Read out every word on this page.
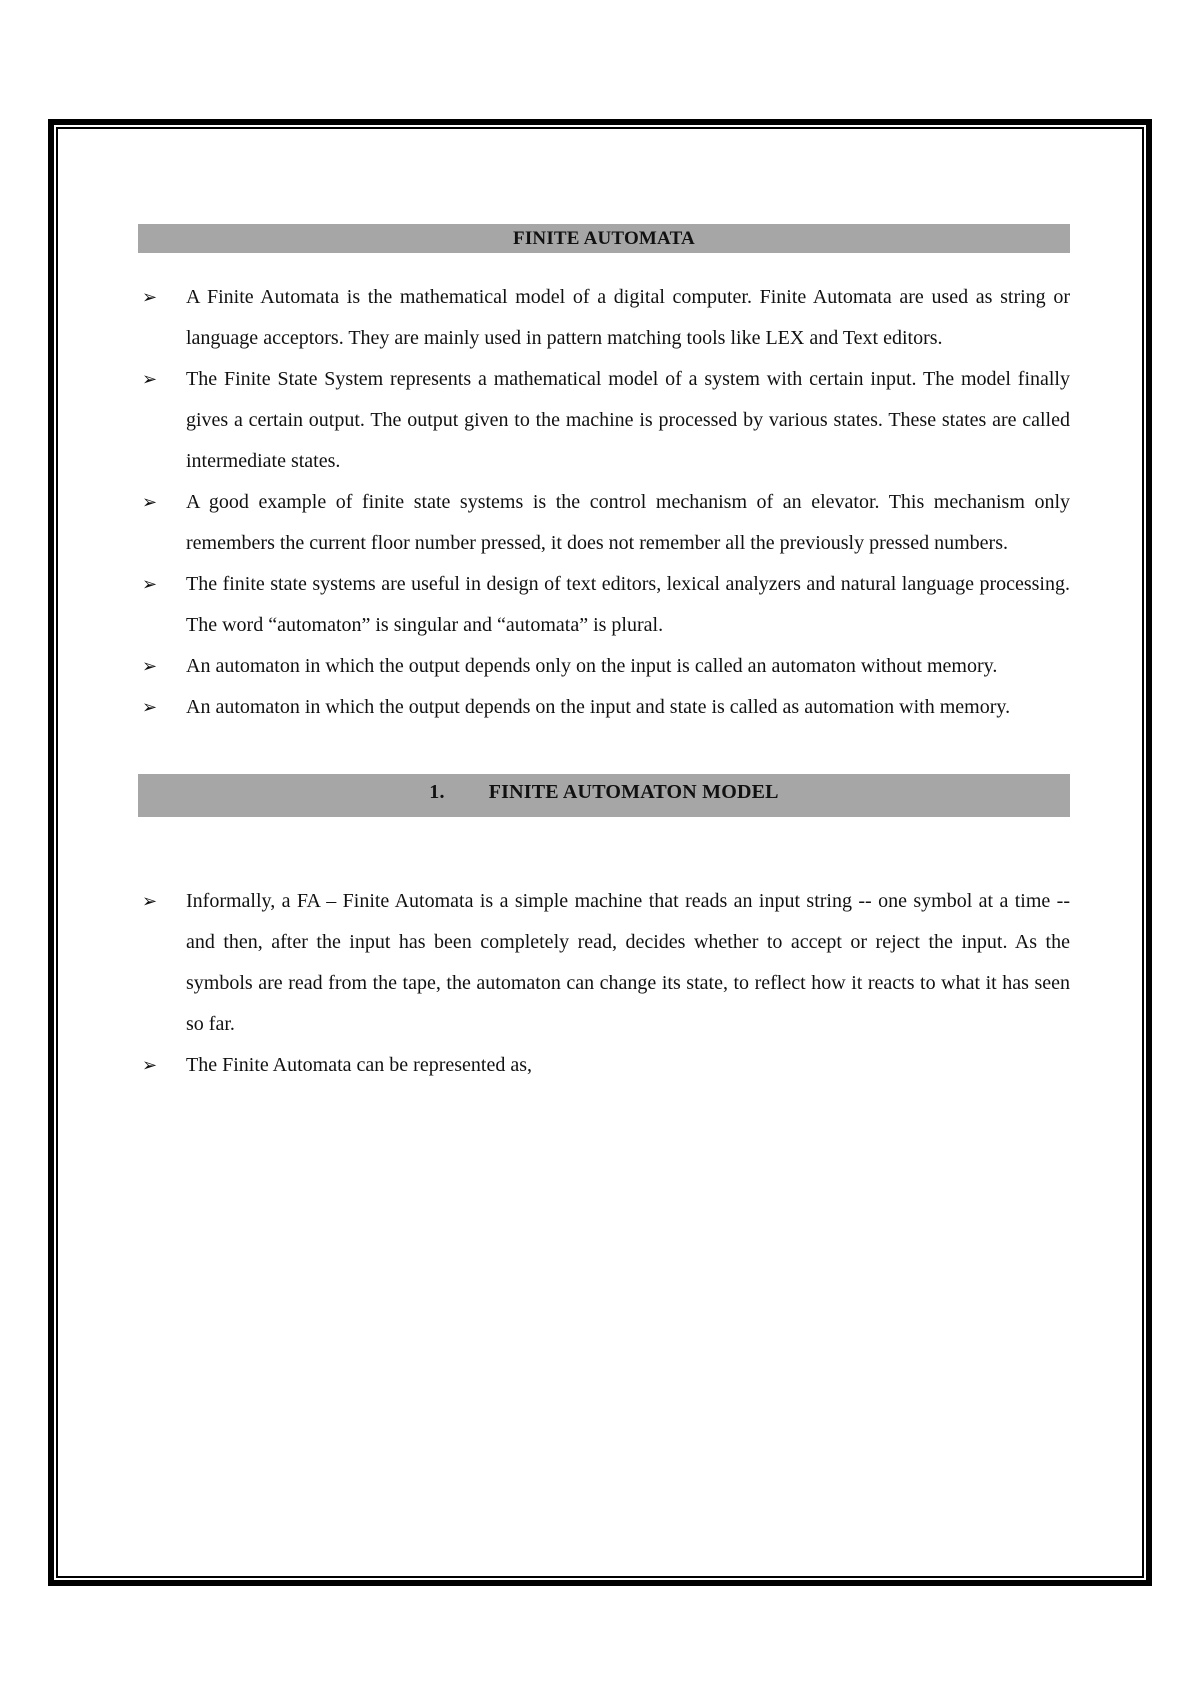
FINITE AUTOMATA
➢ A Finite Automata is the mathematical model of a digital computer. Finite Automata are used as string or language acceptors. They are mainly used in pattern matching tools like LEX and Text editors.
➢ The Finite State System represents a mathematical model of a system with certain input. The model finally gives a certain output. The output given to the machine is processed by various states. These states are called intermediate states.
➢ A good example of finite state systems is the control mechanism of an elevator. This mechanism only remembers the current floor number pressed, it does not remember all the previously pressed numbers.
➢ The finite state systems are useful in design of text editors, lexical analyzers and natural language processing. The word “automaton” is singular and “automata” is plural.
➢ An automaton in which the output depends only on the input is called an automaton without memory.
➢ An automaton in which the output depends on the input and state is called as automation with memory.
1. FINITE AUTOMATON MODEL
➢ Informally, a FA – Finite Automata is a simple machine that reads an input string -- one symbol at a time -- and then, after the input has been completely read, decides whether to accept or reject the input. As the symbols are read from the tape, the automaton can change its state, to reflect how it reacts to what it has seen so far.
➢ The Finite Automata can be represented as,
